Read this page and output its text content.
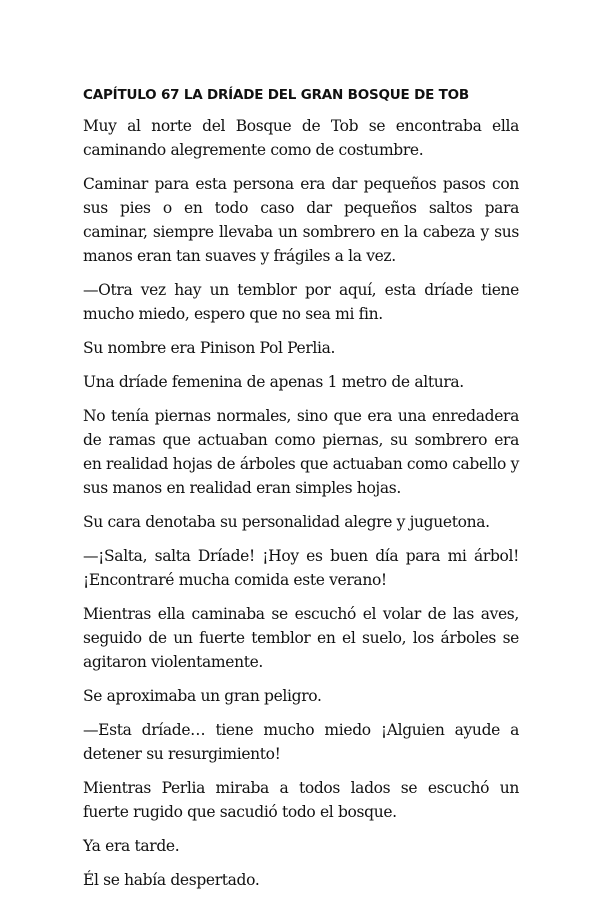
CAPÍTULO 67 LA DRÍADE DEL GRAN BOSQUE DE TOB

Muy al norte del Bosque de Tob se encontraba ella caminando alegremente como de costumbre.

Caminar para esta persona era dar pequeños pasos con sus pies o en todo caso dar pequeños saltos para caminar, siempre llevaba un sombrero en la cabeza y sus manos eran tan suaves y frágiles a la vez.

—Otra vez hay un temblor por aquí, esta dríade tiene mucho miedo, espero que no sea mi fin.

Su nombre era Pinison Pol Perlia.

Una dríade femenina de apenas 1 metro de altura.

No tenía piernas normales, sino que era una enredadera de ramas que actuaban como piernas, su sombrero era en realidad hojas de árboles que actuaban como cabello y sus manos en realidad eran simples hojas.

Su cara denotaba su personalidad alegre y juguetona.

—¡Salta, salta Dríade! ¡Hoy es buen día para mi árbol! ¡Encontraré mucha comida este verano!

Mientras ella caminaba se escuchó el volar de las aves, seguido de un fuerte temblor en el suelo, los árboles se agitaron violentamente.

Se aproximaba un gran peligro.

—Esta dríade… tiene mucho miedo ¡Alguien ayude a detener su resurgimiento!

Mientras Perlia miraba a todos lados se escuchó un fuerte rugido que sacudió todo el bosque.

Ya era tarde.

Él se había despertado.
